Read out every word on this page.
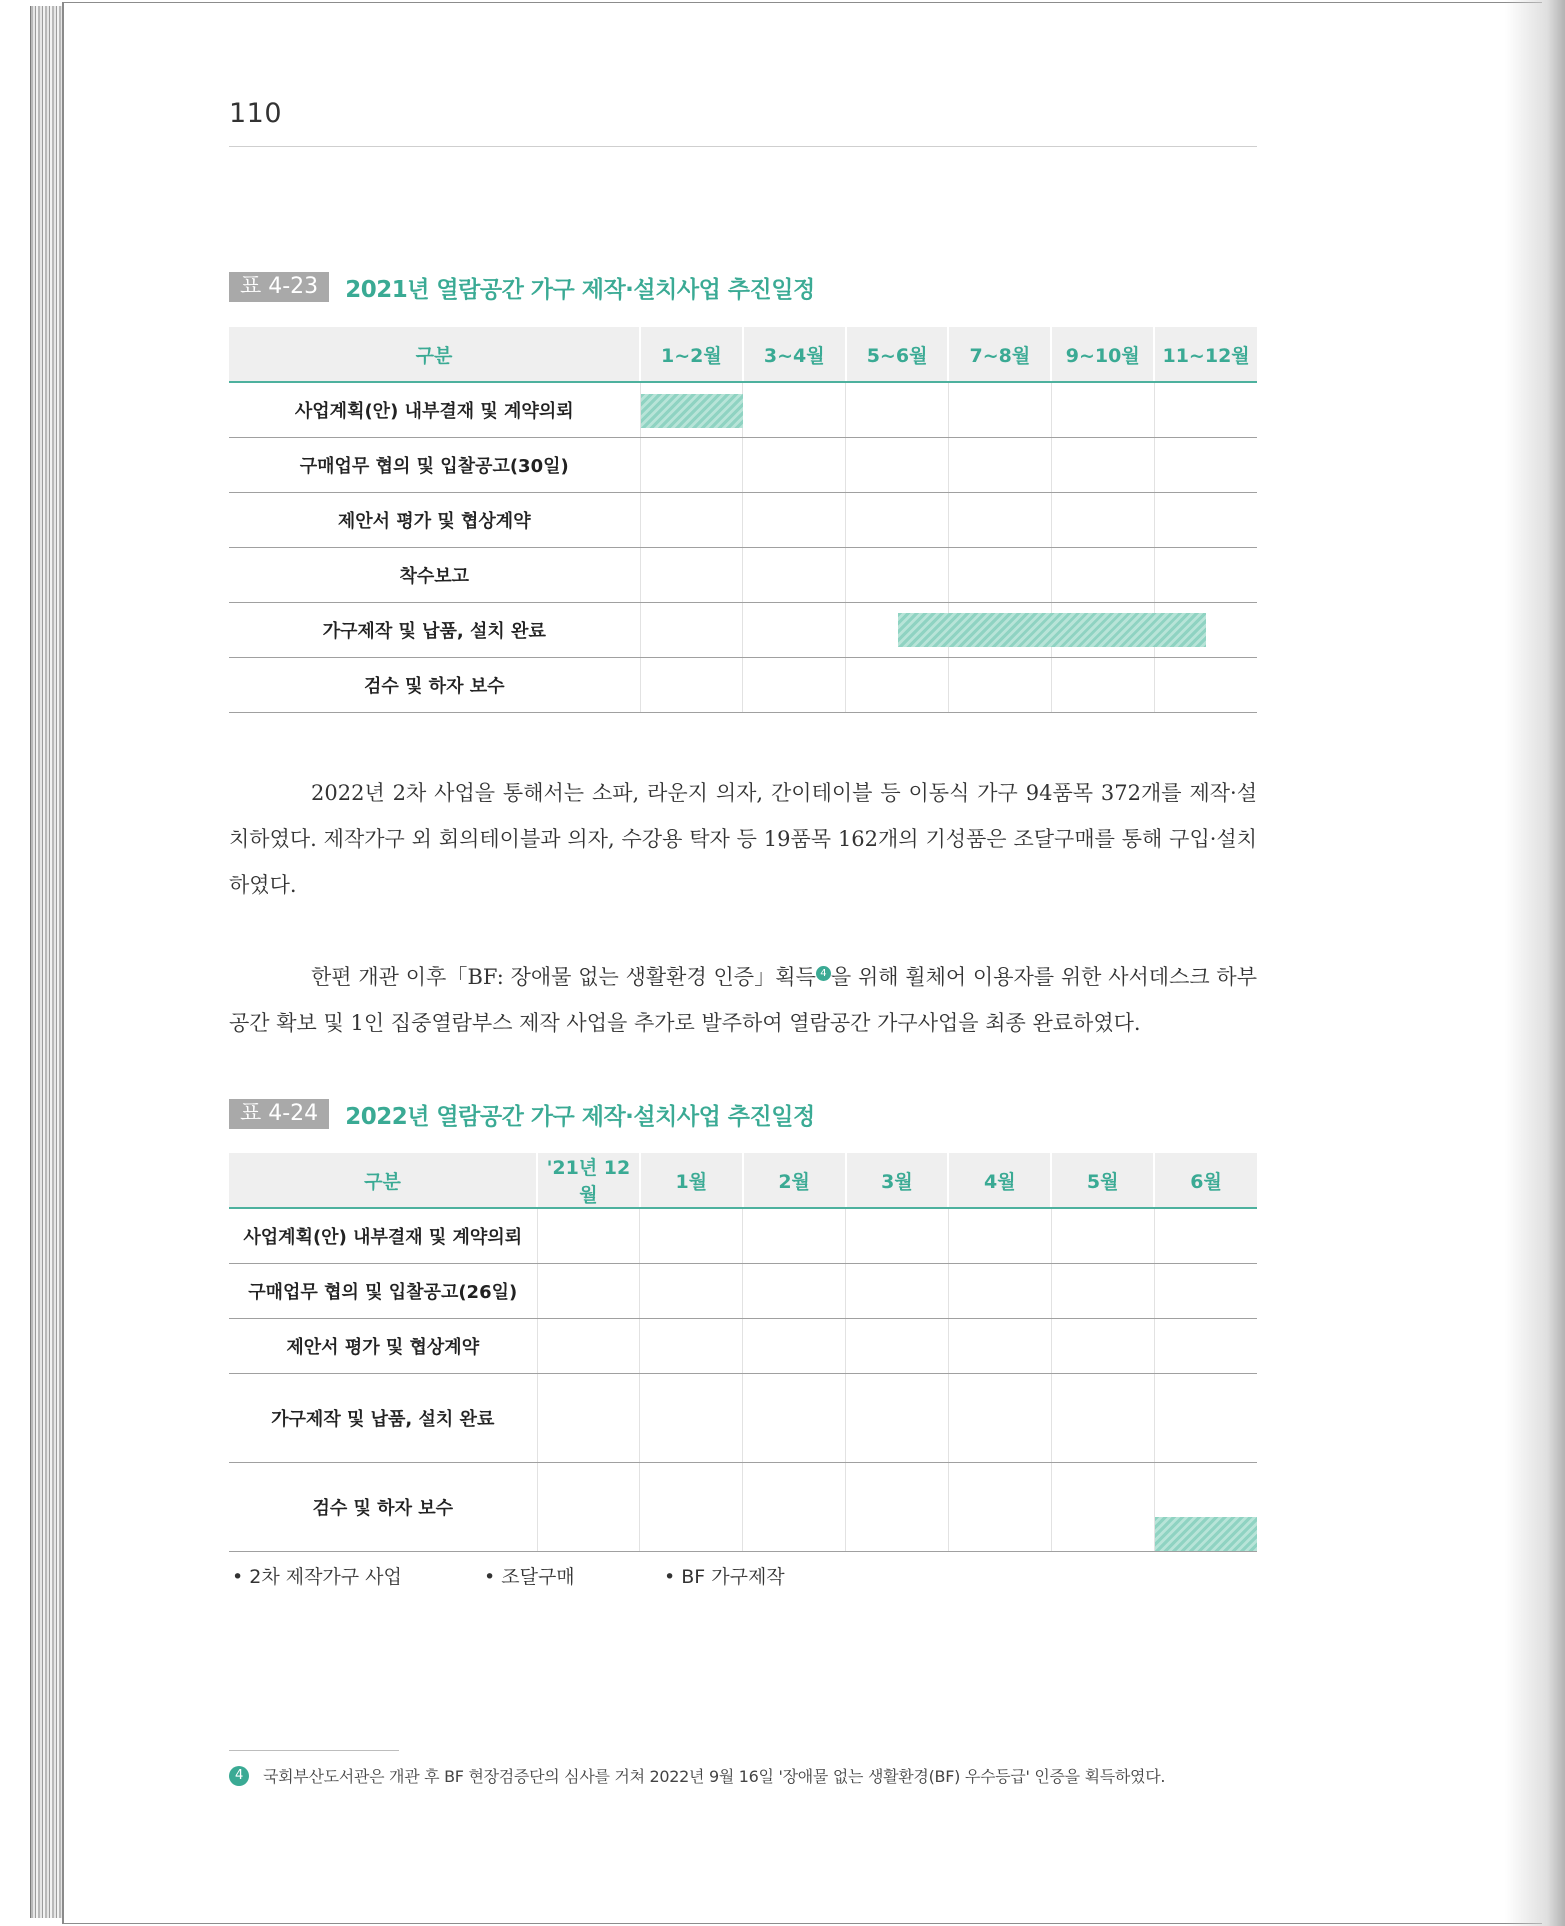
110
표 4-23	2021년 열람공간 가구 제작·설치사업 추진일정
구분	1~2월	3~4월	5~6월	7~8월	9~10월	11~12월
사업계획(안) 내부결재 및 계약의뢰	

구매업무 협의 및 입찰공고(30일)						
제안서 평가 및 협상계약						
착수보고						
가구제작 및 납품, 설치 완료			

검수 및 하자 보수						
2022년 2차 사업을 통해서는 소파, 라운지 의자, 간이테이블 등 이동식 가구 94품목 372개를 제작·설치하였다. 제작가구 외 회의테이블과 의자, 수강용 탁자 등 19품목 162개의 기성품은 조달구매를 통해 구입·설치하였다.
한편 개관 이후「BF: 장애물 없는 생활환경 인증」획득 4 을 위해 휠체어 이용자를 위한 사서데스크 하부 공간 확보 및 1인 집중열람부스 제작 사업을 추가로 발주하여 열람공간 가구사업을 최종 완료하였다.
표 4-24	2022년 열람공간 가구 제작·설치사업 추진일정
구분	'21년 12월	1월	2월	3월	4월	5월	6월
사업계획(안) 내부결재 및 계약의뢰							
구매업무 협의 및 입찰공고(26일)							
제안서 평가 및 협상계약							
가구제작 및 납품, 설치 완료							
검수 및 하자 보수							
• 2차 제작가구 사업	• 조달구매	• BF 가구제작
4	국회부산도서관은 개관 후 BF 현장검증단의 심사를 거쳐 2022년 9월 16일 '장애물 없는 생활환경(BF) 우수등급' 인증을 획득하였다.
